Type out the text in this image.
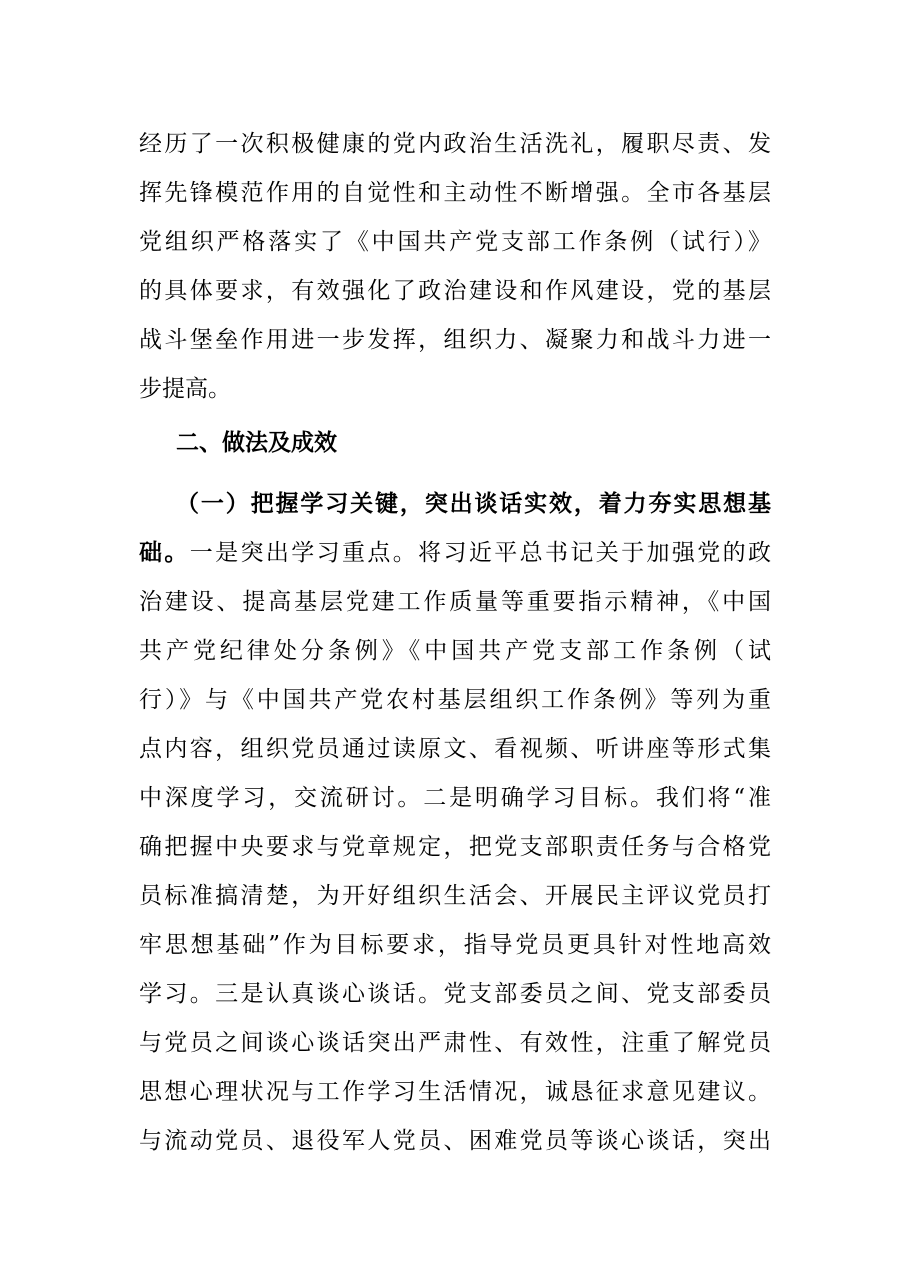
经历了一次积极健康的党内政治生活洗礼，履职尽责、发
挥先锋模范作用的自觉性和主动性不断增强。全市各基层
党组织严格落实了《中国共产党支部工作条例（试行）》
的具体要求，有效强化了政治建设和作风建设，党的基层
战斗堡垒作用进一步发挥，组织力、凝聚力和战斗力进一
步提高。
二、做法及成效
（一）把握学习关键，突出谈话实效，着力夯实思想基
础。一是突出学习重点。将习近平总书记关于加强党的政
治建设、提高基层党建工作质量等重要指示精神，《中国
共产党纪律处分条例》《中国共产党支部工作条例（试
行）》与《中国共产党农村基层组织工作条例》等列为重
点内容，组织党员通过读原文、看视频、听讲座等形式集
中深度学习，交流研讨。二是明确学习目标。我们将“准
确把握中央要求与党章规定，把党支部职责任务与合格党
员标准搞清楚，为开好组织生活会、开展民主评议党员打
牢思想基础”作为目标要求，指导党员更具针对性地高效
学习。三是认真谈心谈话。党支部委员之间、党支部委员
与党员之间谈心谈话突出严肃性、有效性，注重了解党员
思想心理状况与工作学习生活情况，诚恳征求意见建议。
与流动党员、退役军人党员、困难党员等谈心谈话，突出
